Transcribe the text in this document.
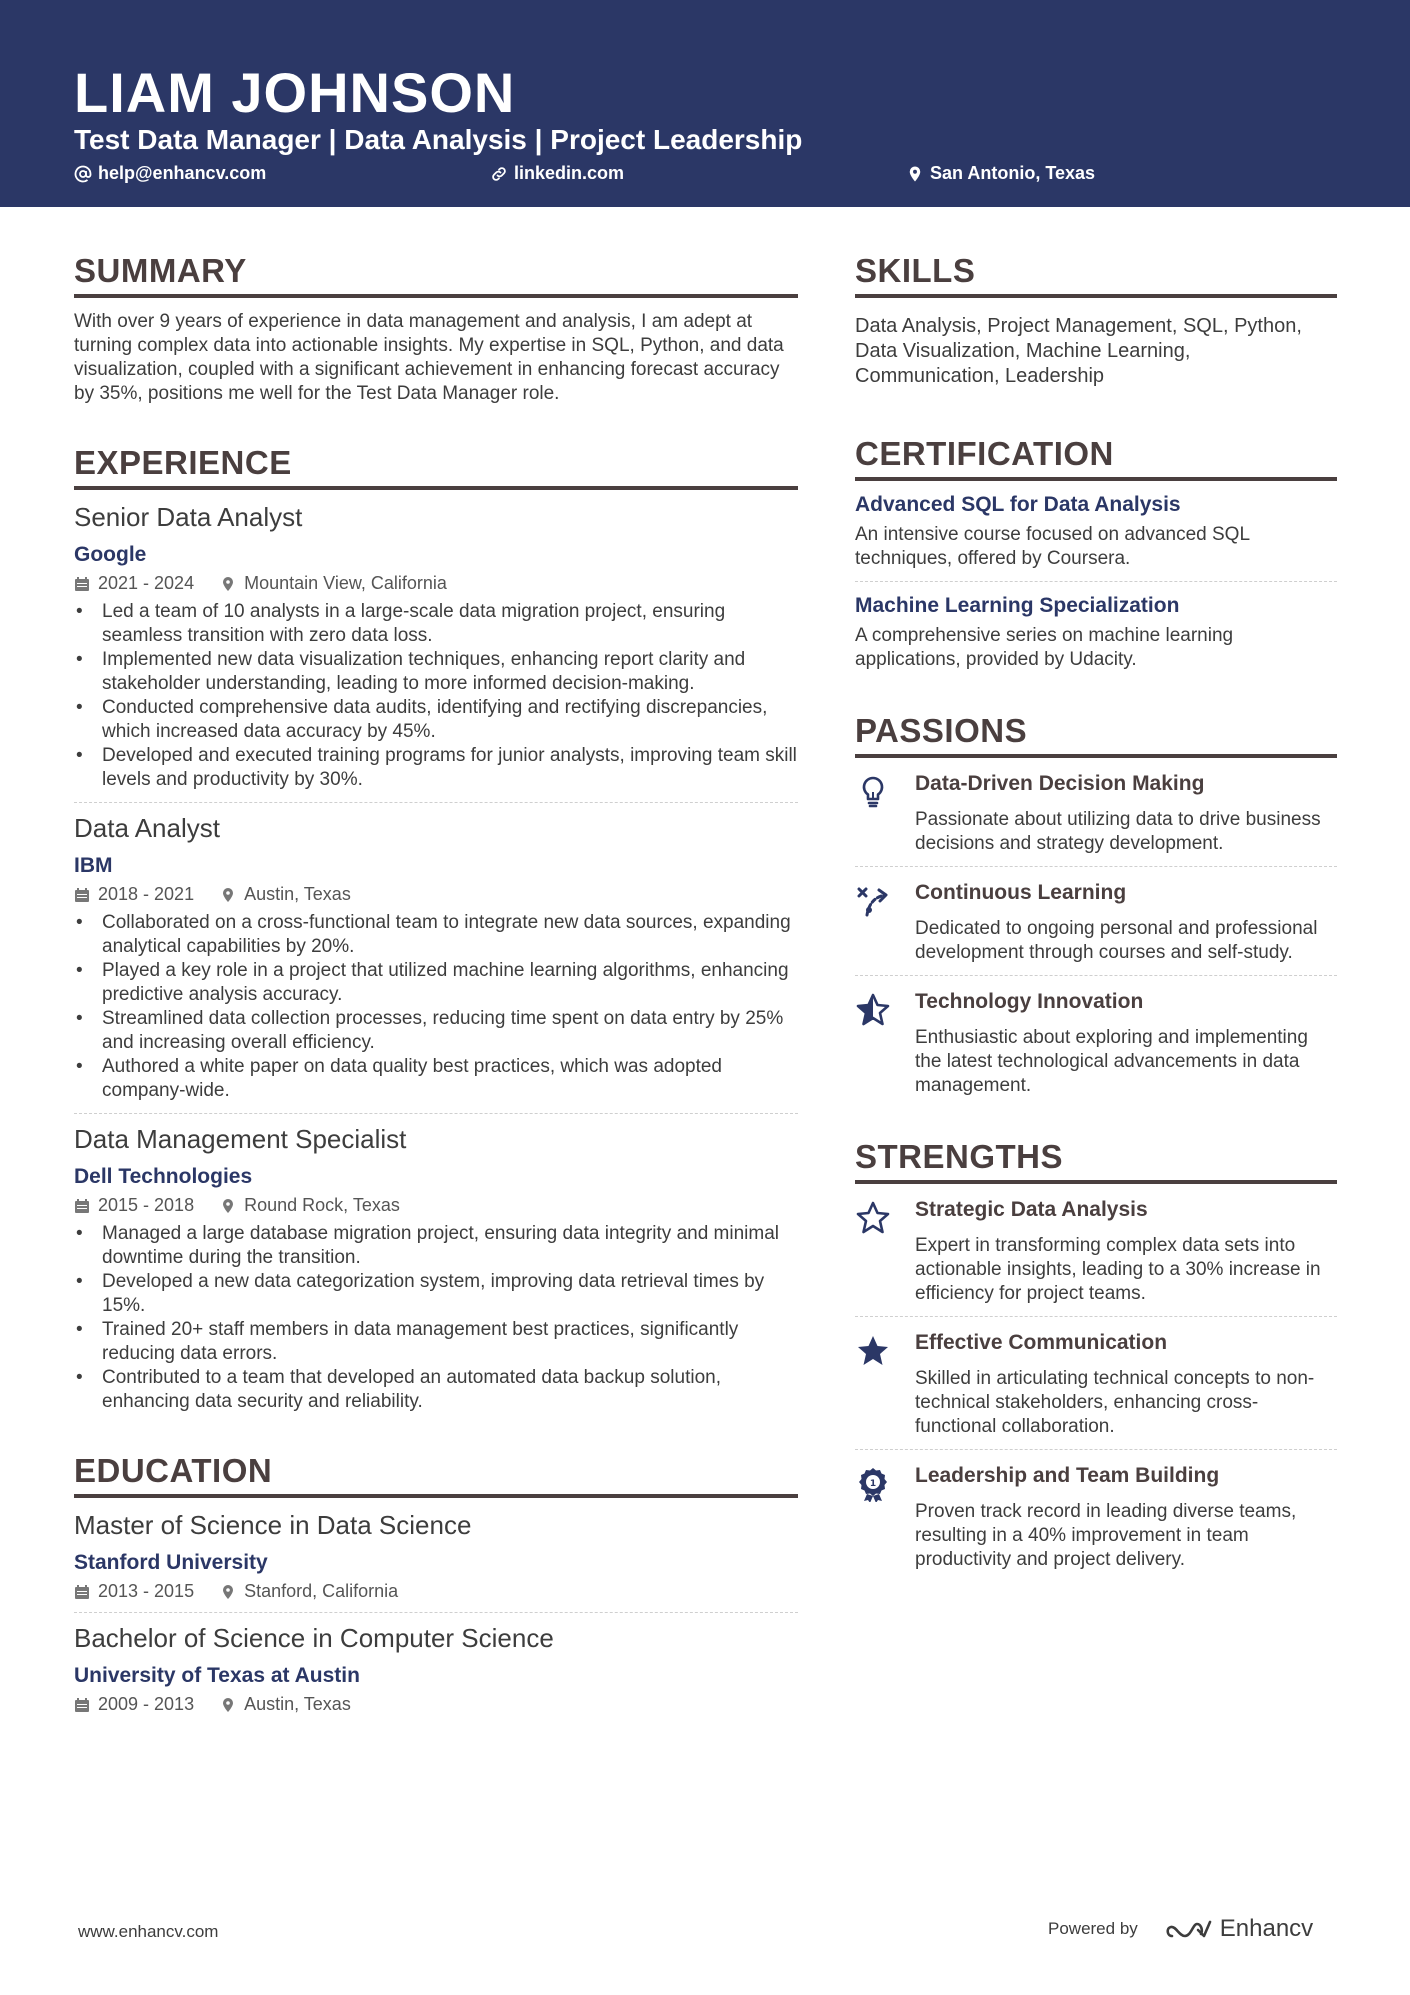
LIAM JOHNSON
Test Data Manager | Data Analysis | Project Leadership
help@enhancv.com	linkedin.com	San Antonio, Texas
SUMMARY
With over 9 years of experience in data management and analysis, I am adept at turning complex data into actionable insights. My expertise in SQL, Python, and data visualization, coupled with a significant achievement in enhancing forecast accuracy by 35%, positions me well for the Test Data Manager role.
EXPERIENCE
Senior Data Analyst
Google
2021 - 2024	Mountain View, California
• Led a team of 10 analysts in a large-scale data migration project, ensuring seamless transition with zero data loss.
• Implemented new data visualization techniques, enhancing report clarity and stakeholder understanding, leading to more informed decision-making.
• Conducted comprehensive data audits, identifying and rectifying discrepancies, which increased data accuracy by 45%.
• Developed and executed training programs for junior analysts, improving team skill levels and productivity by 30%.
Data Analyst
IBM
2018 - 2021	Austin, Texas
• Collaborated on a cross-functional team to integrate new data sources, expanding analytical capabilities by 20%.
• Played a key role in a project that utilized machine learning algorithms, enhancing predictive analysis accuracy.
• Streamlined data collection processes, reducing time spent on data entry by 25% and increasing overall efficiency.
• Authored a white paper on data quality best practices, which was adopted company-wide.
Data Management Specialist
Dell Technologies
2015 - 2018	Round Rock, Texas
• Managed a large database migration project, ensuring data integrity and minimal downtime during the transition.
• Developed a new data categorization system, improving data retrieval times by 15%.
• Trained 20+ staff members in data management best practices, significantly reducing data errors.
• Contributed to a team that developed an automated data backup solution, enhancing data security and reliability.
EDUCATION
Master of Science in Data Science
Stanford University
2013 - 2015	Stanford, California
Bachelor of Science in Computer Science
University of Texas at Austin
2009 - 2013	Austin, Texas
SKILLS
Data Analysis, Project Management, SQL, Python, Data Visualization, Machine Learning, Communication, Leadership
CERTIFICATION
Advanced SQL for Data Analysis
An intensive course focused on advanced SQL techniques, offered by Coursera.
Machine Learning Specialization
A comprehensive series on machine learning applications, provided by Udacity.
PASSIONS
Data-Driven Decision Making
Passionate about utilizing data to drive business decisions and strategy development.
Continuous Learning
Dedicated to ongoing personal and professional development through courses and self-study.
Technology Innovation
Enthusiastic about exploring and implementing the latest technological advancements in data management.
STRENGTHS
Strategic Data Analysis
Expert in transforming complex data sets into actionable insights, leading to a 30% increase in efficiency for project teams.
Effective Communication
Skilled in articulating technical concepts to non-technical stakeholders, enhancing cross-functional collaboration.
1 Leadership and Team Building
Proven track record in leading diverse teams, resulting in a 40% improvement in team productivity and project delivery.
www.enhancv.com	Powered by	Enhancv
